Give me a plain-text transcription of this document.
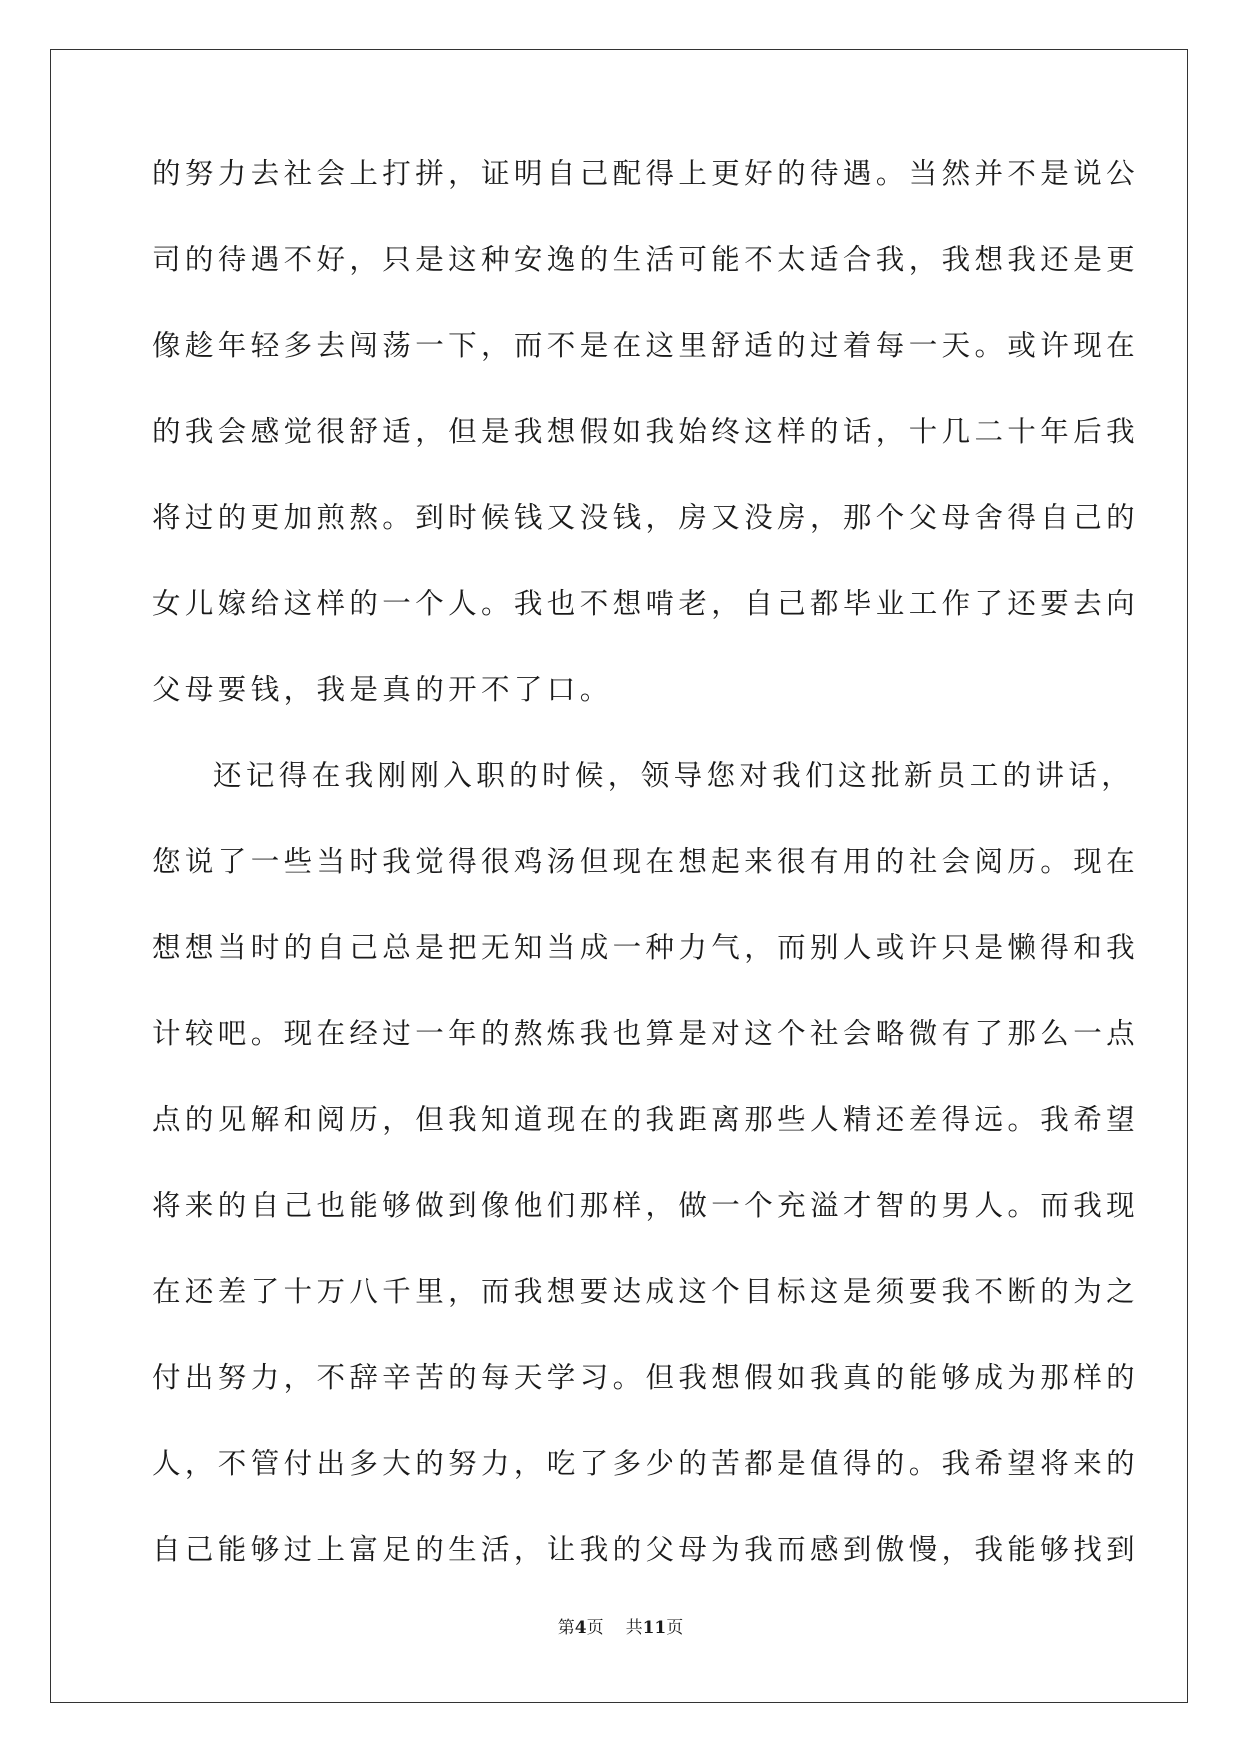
的努力去社会上打拼，证明自己配得上更好的待遇。当然并不是说公
司的待遇不好，只是这种安逸的生活可能不太适合我，我想我还是更
像趁年轻多去闯荡一下，而不是在这里舒适的过着每一天。或许现在
的我会感觉很舒适，但是我想假如我始终这样的话，十几二十年后我
将过的更加煎熬。到时候钱又没钱，房又没房，那个父母舍得自己的
女儿嫁给这样的一个人。我也不想啃老，自己都毕业工作了还要去向
父母要钱，我是真的开不了口。
还记得在我刚刚入职的时候，领导您对我们这批新员工的讲话，
您说了一些当时我觉得很鸡汤但现在想起来很有用的社会阅历。现在
想想当时的自己总是把无知当成一种力气，而别人或许只是懒得和我
计较吧。现在经过一年的熬炼我也算是对这个社会略微有了那么一点
点的见解和阅历，但我知道现在的我距离那些人精还差得远。我希望
将来的自己也能够做到像他们那样，做一个充溢才智的男人。而我现
在还差了十万八千里，而我想要达成这个目标这是须要我不断的为之
付出努力，不辞辛苦的每天学习。但我想假如我真的能够成为那样的
人，不管付出多大的努力，吃了多少的苦都是值得的。我希望将来的
自己能够过上富足的生活，让我的父母为我而感到傲慢，我能够找到
第4页 共11页
